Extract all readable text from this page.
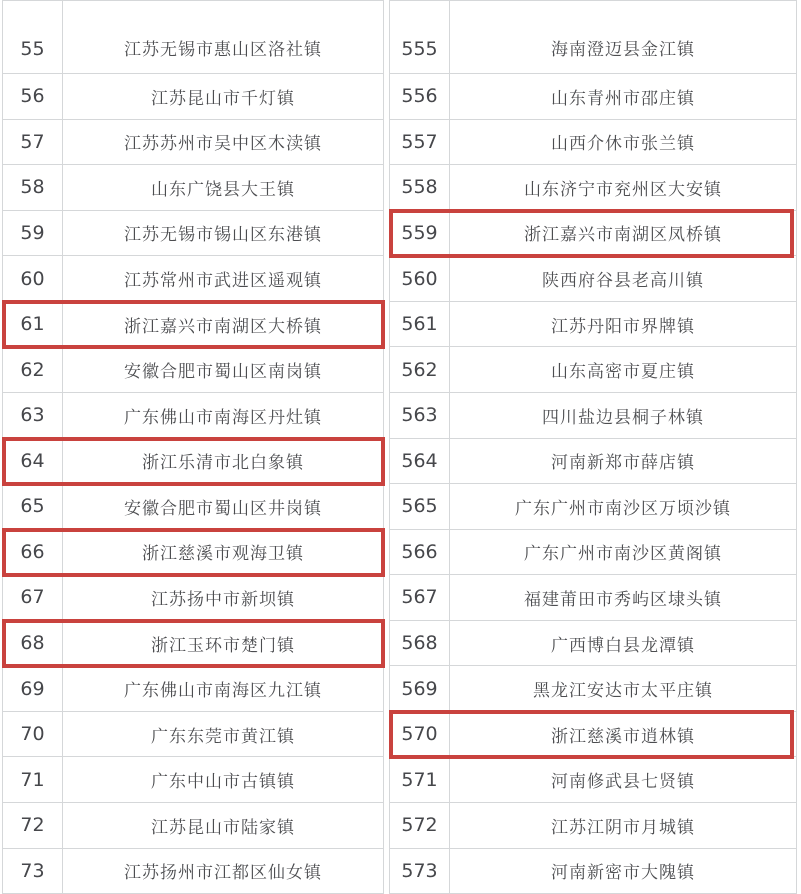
55	江苏无锡市惠山区洛社镇
56	江苏昆山市千灯镇
57	江苏苏州市吴中区木渎镇
58	山东广饶县大王镇
59	江苏无锡市锡山区东港镇
60	江苏常州市武进区遥观镇
61	浙江嘉兴市南湖区大桥镇
62	安徽合肥市蜀山区南岗镇
63	广东佛山市南海区丹灶镇
64	浙江乐清市北白象镇
65	安徽合肥市蜀山区井岗镇
66	浙江慈溪市观海卫镇
67	江苏扬中市新坝镇
68	浙江玉环市楚门镇
69	广东佛山市南海区九江镇
70	广东东莞市黄江镇
71	广东中山市古镇镇
72	江苏昆山市陆家镇
73	江苏扬州市江都区仙女镇
555	海南澄迈县金江镇
556	山东青州市邵庄镇
557	山西介休市张兰镇
558	山东济宁市兖州区大安镇
559	浙江嘉兴市南湖区凤桥镇
560	陕西府谷县老高川镇
561	江苏丹阳市界牌镇
562	山东高密市夏庄镇
563	四川盐边县桐子林镇
564	河南新郑市薛店镇
565	广东广州市南沙区万顷沙镇
566	广东广州市南沙区黄阁镇
567	福建莆田市秀屿区埭头镇
568	广西博白县龙潭镇
569	黑龙江安达市太平庄镇
570	浙江慈溪市逍林镇
571	河南修武县七贤镇
572	江苏江阴市月城镇
573	河南新密市大隗镇
